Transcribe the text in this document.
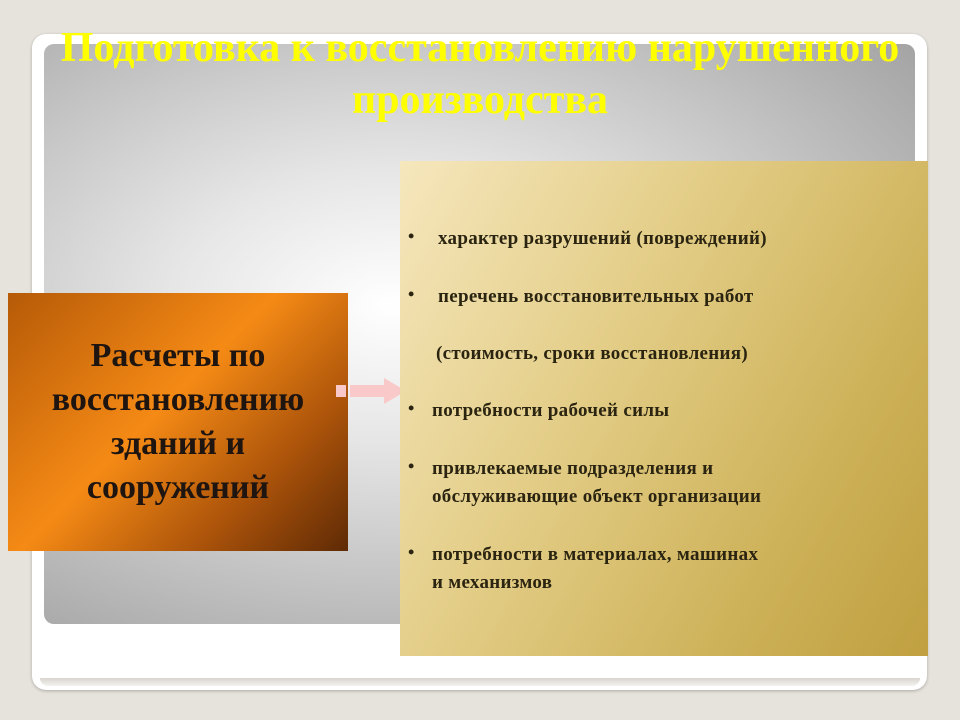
Подготовка к восстановлению нарушенного производства
Расчеты по
восстановлению
зданий и
сооружений
•	характер разрушений (повреждений)
•	перечень восстановительных работ
(стоимость, сроки восстановления)
• потребности рабочей силы
• привлекаемые подразделения и
обслуживающие объект организации
• потребности в материалах, машинах
и механизмов
